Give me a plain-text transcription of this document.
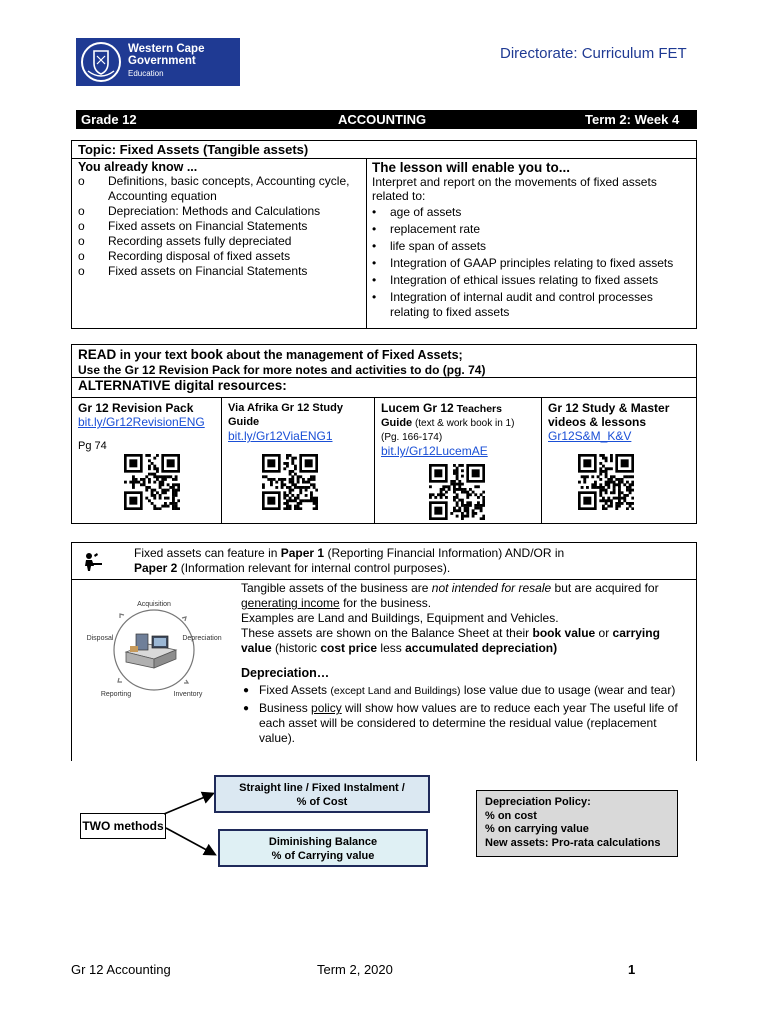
Western Cape
Government
Education
Directorate: Curriculum FET
Grade 12	ACCOUNTING	Term 2: Week 4
Topic: Fixed Assets (Tangible assets)
You already know ...
o Definitions, basic concepts, Accounting cycle, Accounting equation
o Depreciation: Methods and Calculations
o Fixed assets on Financial Statements
o Recording assets fully depreciated
o Recording disposal of fixed assets
o Fixed assets on Financial Statements
The lesson will enable you to...
Interpret and report on the movements of fixed assets related to:
• age of assets
• replacement rate
• life span of assets
• Integration of GAAP principles relating to fixed assets
• Integration of ethical issues relating to fixed assets
• Integration of internal audit and control processes relating to fixed assets
READ in your text book about the management of Fixed Assets;
Use the Gr 12 Revision Pack for more notes and activities to do (pg. 74)
ALTERNATIVE digital resources:
Gr 12 Revision Pack
bit.ly/Gr12RevisionENG
Pg 74
Via Afrika Gr 12 Study Guide
bit.ly/Gr12ViaENG1
Lucem Gr 12 Teachers
Guide (text & work book in 1)
(Pg. 166-174)
bit.ly/Gr12LucemAE
Gr 12 Study & Master videos & lessons
Gr12S&M_K&V
Fixed assets can feature in Paper 1 (Reporting Financial Information) AND/OR in
Paper 2 (Information relevant for internal control purposes).
Acquisition
Depreciation
Inventory
Reporting
Disposal

Tangible assets of the business are not intended for resale but are acquired for generating income for the business.

Examples are Land and Buildings, Equipment and Vehicles.

These assets are shown on the Balance Sheet at their book value or carrying value (historic cost price less accumulated depreciation)

Depreciation…
● Fixed Assets (except Land and Buildings) lose value due to usage (wear and tear)
● Business policy will show how values are to reduce each year The useful life of each asset will be considered to determine the residual value (replacement value).
TWO methods
Straight line / Fixed Instalment /
% of Cost
Diminishing Balance
% of Carrying value
Depreciation Policy:
% on cost
% on carrying value
New assets: Pro-rata calculations
Gr 12 Accounting	Term 2, 2020	1
